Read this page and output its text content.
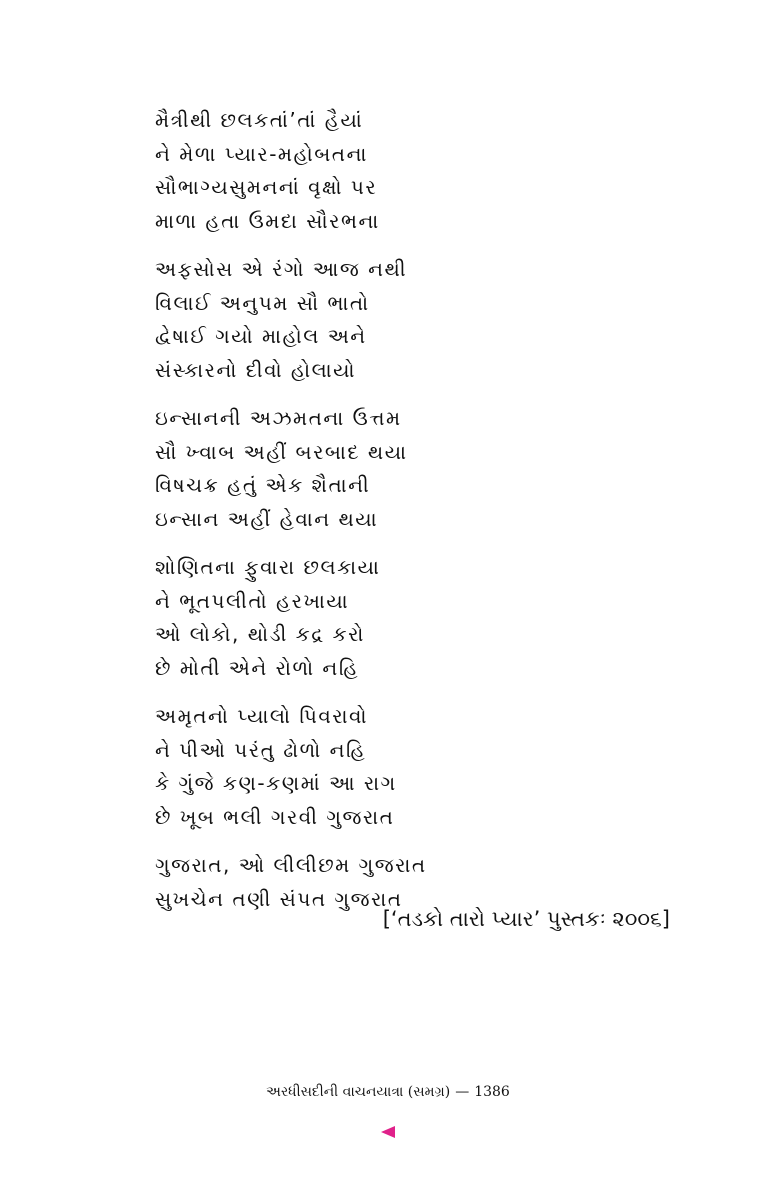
મૈત્રીથી છલકતાં’તાં હૈયાં
ને મેળા પ્યાર-મહોબતના
સૌભાગ્યસુમનનાં વૃક્ષો પર
માળા હતા ઉમદા સૌરભના
અફસોસ એ રંગો આજ નથી
વિલાઈ અનુપમ સૌ ભાતો
દ્વેષાઈ ગયો માહોલ અને
સંસ્કારનો દીવો હોલાયો
ઇન્સાનની અઝમતના ઉત્તમ
સૌ ખ્વાબ અહીં બરબાદ થયા
વિષચક્ર હતું એક શૈતાની
ઇન્સાન અહીં હેવાન થયા
શોણિતના ફુવારા છલકાયા
ને ભૂતપલીતો હરખાયા
ઓ લોકો, થોડી કદ્ર કરો
છે મોતી એને રોળો નહિ
અમૃતનો પ્યાલો પિવરાવો
ને પીઓ પરંતુ ઢોળો નહિ
કે ગુંજે કણ-કણમાં આ રાગ
છે ખૂબ ભલી ગરવી ગુજરાત
ગુજરાત, ઓ લીલીછમ ગુજરાત
સુખચેન તણી સંપત ગુજરાત
[‘તડકો તારો પ્યાર’ પુસ્તકઃ ૨૦૦૬]
અરધીસદીની વાચનયાત્રા (સમગ્ર) — 1386
